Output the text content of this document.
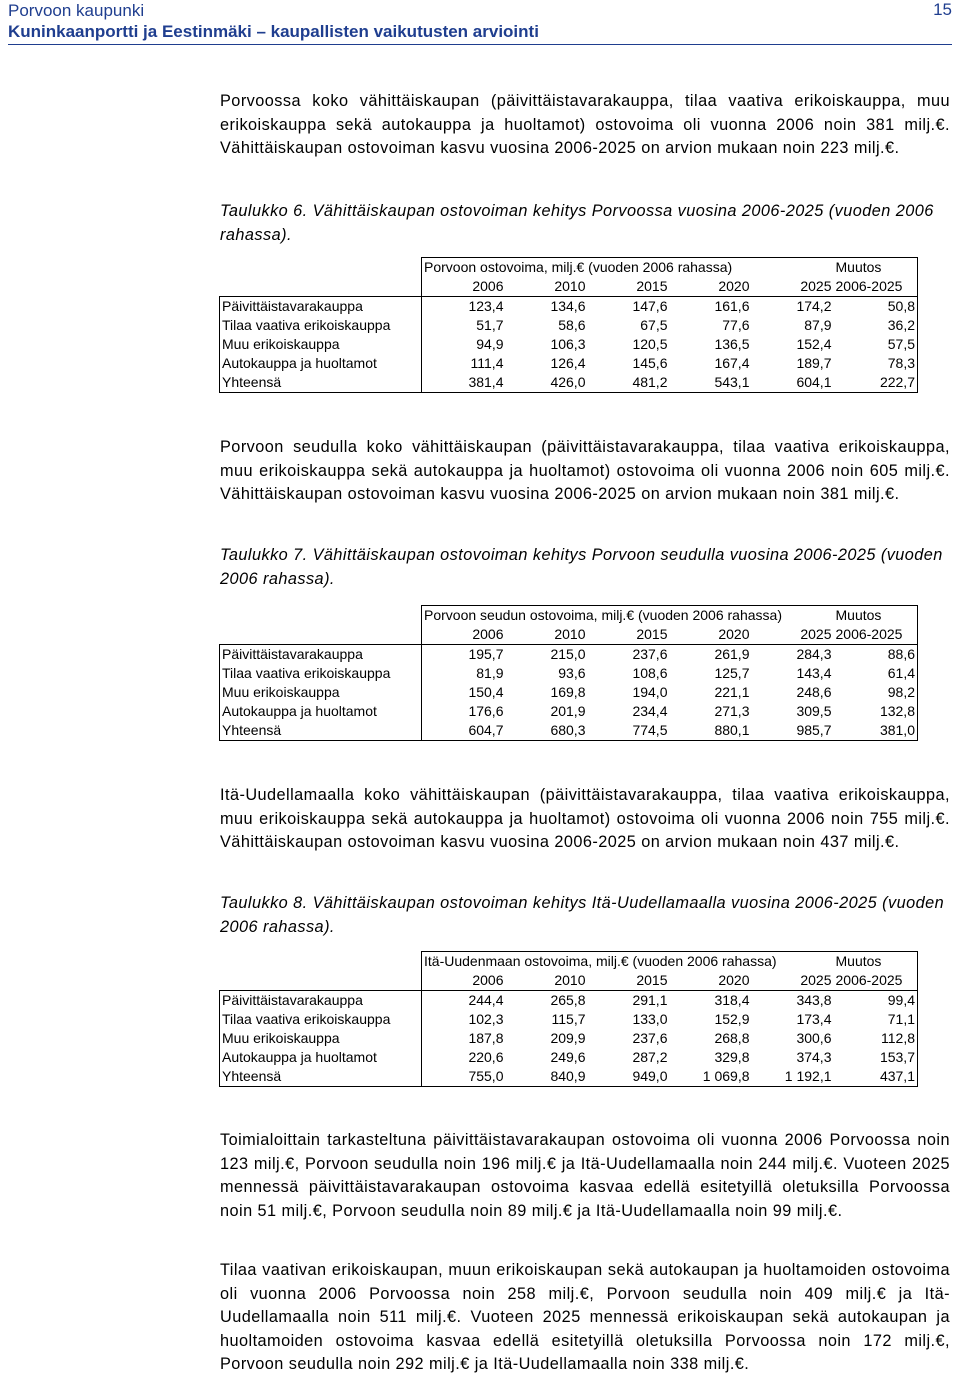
Porvoon kaupunki
Kuninkaanportti ja Eestinmäki – kaupallisten vaikutusten arviointi
15

Porvoossa koko vähittäiskaupan (päivittäistavarakauppa, tilaa vaativa erikoiskauppa, muu erikoiskauppa sekä autokauppa ja huoltamot) ostovoima oli vuonna 2006 noin 381 milj.€. Vähittäiskaupan ostovoiman kasvu vuosina 2006-2025 on arvion mukaan noin 223 milj.€.

Taulukko 6. Vähittäiskaupan ostovoiman kehitys Porvoossa vuosina 2006-2025 (vuoden 2006 rahassa).

	Porvoon ostovoima, milj.€ (vuoden 2006 rahassa)					Muutos
	2006	2010	2015	2020	2025	2006-2025
Päivittäistavarakauppa	123,4	134,6	147,6	161,6	174,2	50,8
Tilaa vaativa erikoiskauppa	51,7	58,6	67,5	77,6	87,9	36,2
Muu erikoiskauppa	94,9	106,3	120,5	136,5	152,4	57,5
Autokauppa ja huoltamot	111,4	126,4	145,6	167,4	189,7	78,3
Yhteensä	381,4	426,0	481,2	543,1	604,1	222,7

Porvoon seudulla koko vähittäiskaupan (päivittäistavarakauppa, tilaa vaativa erikoiskauppa, muu erikoiskauppa sekä autokauppa ja huoltamot) ostovoima oli vuonna 2006 noin 605 milj.€. Vähittäiskaupan ostovoiman kasvu vuosina 2006-2025 on arvion mukaan noin 381 milj.€.

Taulukko 7. Vähittäiskaupan ostovoiman kehitys Porvoon seudulla vuosina 2006-2025 (vuoden 2006 rahassa).

	Porvoon seudun ostovoima, milj.€ (vuoden 2006 rahassa)					Muutos
	2006	2010	2015	2020	2025	2006-2025
Päivittäistavarakauppa	195,7	215,0	237,6	261,9	284,3	88,6
Tilaa vaativa erikoiskauppa	81,9	93,6	108,6	125,7	143,4	61,4
Muu erikoiskauppa	150,4	169,8	194,0	221,1	248,6	98,2
Autokauppa ja huoltamot	176,6	201,9	234,4	271,3	309,5	132,8
Yhteensä	604,7	680,3	774,5	880,1	985,7	381,0

Itä-Uudellamaalla koko vähittäiskaupan (päivittäistavarakauppa, tilaa vaativa erikoiskauppa, muu erikoiskauppa sekä autokauppa ja huoltamot) ostovoima oli vuonna 2006 noin 755 milj.€. Vähittäiskaupan ostovoiman kasvu vuosina 2006-2025 on arvion mukaan noin 437 milj.€.

Taulukko 8. Vähittäiskaupan ostovoiman kehitys Itä-Uudellamaalla vuosina 2006-2025 (vuoden 2006 rahassa).

	Itä-Uudenmaan ostovoima, milj.€ (vuoden 2006 rahassa)					Muutos
	2006	2010	2015	2020	2025	2006-2025
Päivittäistavarakauppa	244,4	265,8	291,1	318,4	343,8	99,4
Tilaa vaativa erikoiskauppa	102,3	115,7	133,0	152,9	173,4	71,1
Muu erikoiskauppa	187,8	209,9	237,6	268,8	300,6	112,8
Autokauppa ja huoltamot	220,6	249,6	287,2	329,8	374,3	153,7
Yhteensä	755,0	840,9	949,0	1 069,8	1 192,1	437,1

Toimialoittain tarkasteltuna päivittäistavarakaupan ostovoima oli vuonna 2006 Porvoossa noin 123 milj.€, Porvoon seudulla noin 196 milj.€ ja Itä-Uudellamaalla noin 244 milj.€. Vuoteen 2025 mennessä päivittäistavarakaupan ostovoima kasvaa edellä esitetyillä oletuksilla Porvoossa noin 51 milj.€, Porvoon seudulla noin 89 milj.€ ja Itä-Uudellamaalla noin 99 milj.€.

Tilaa vaativan erikoiskaupan, muun erikoiskaupan sekä autokaupan ja huoltamoiden ostovoima oli vuonna 2006 Porvoossa noin 258 milj.€, Porvoon seudulla noin 409 milj.€ ja Itä-Uudellamaalla noin 511 milj.€. Vuoteen 2025 mennessä erikoiskaupan sekä autokaupan ja huoltamoiden ostovoima kasvaa edellä esitetyillä oletuksilla Porvoossa noin 172 milj.€, Porvoon seudulla noin 292 milj.€ ja Itä-Uudellamaalla noin 338 milj.€.
